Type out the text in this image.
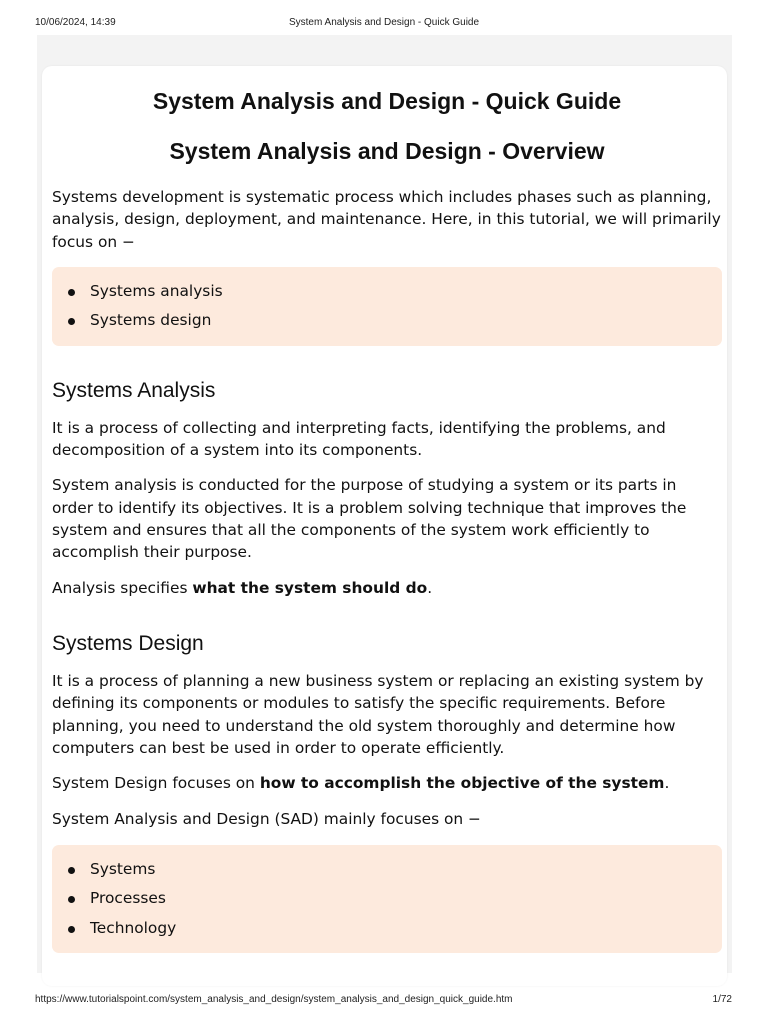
10/06/2024, 14:39	System Analysis and Design - Quick Guide
System Analysis and Design - Quick Guide
System Analysis and Design - Overview

Systems development is systematic process which includes phases such as planning, analysis, design, deployment, and maintenance. Here, in this tutorial, we will primarily focus on −

Systems analysis
Systems design
Systems Analysis

It is a process of collecting and interpreting facts, identifying the problems, and decomposition of a system into its components.

System analysis is conducted for the purpose of studying a system or its parts in order to identify its objectives. It is a problem solving technique that improves the system and ensures that all the components of the system work efficiently to accomplish their purpose.

Analysis specifies what the system should do.

Systems Design

It is a process of planning a new business system or replacing an existing system by defining its components or modules to satisfy the specific requirements. Before planning, you need to understand the old system thoroughly and determine how computers can best be used in order to operate efficiently.

System Design focuses on how to accomplish the objective of the system.

System Analysis and Design (SAD) mainly focuses on −

Systems
Processes
Technology
https://www.tutorialspoint.com/system_analysis_and_design/system_analysis_and_design_quick_guide.htm	1/72
